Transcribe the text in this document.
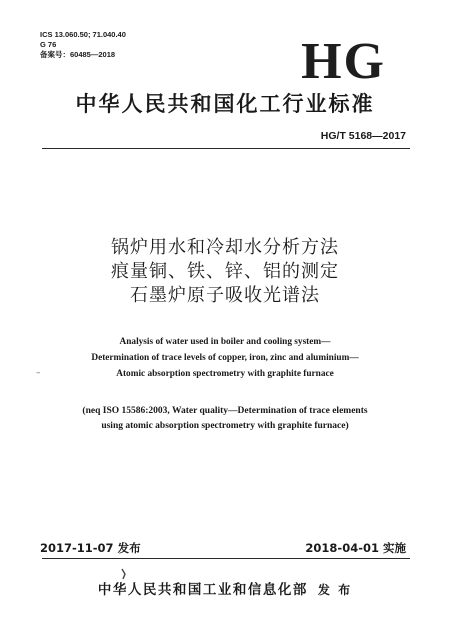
ICS 13.060.50; 71.040.40
G 76
备案号：60485—2018	HG
中华人民共和国化工行业标准
HG/T 5168—2017
锅炉用水和冷却水分析方法
痕量铜、铁、锌、铝的测定
石墨炉原子吸收光谱法
Analysis of water used in boiler and cooling system—
Determination of trace levels of copper, iron, zinc and aluminium—
Atomic absorption spectrometry with graphite furnace
–
(neq ISO 15586:2003, Water quality—Determination of trace elements
using atomic absorption spectrometry with graphite furnace)
2017-11-07 发布	2018-04-01 实施
中华人民共和国工业和信息化部 发 布
